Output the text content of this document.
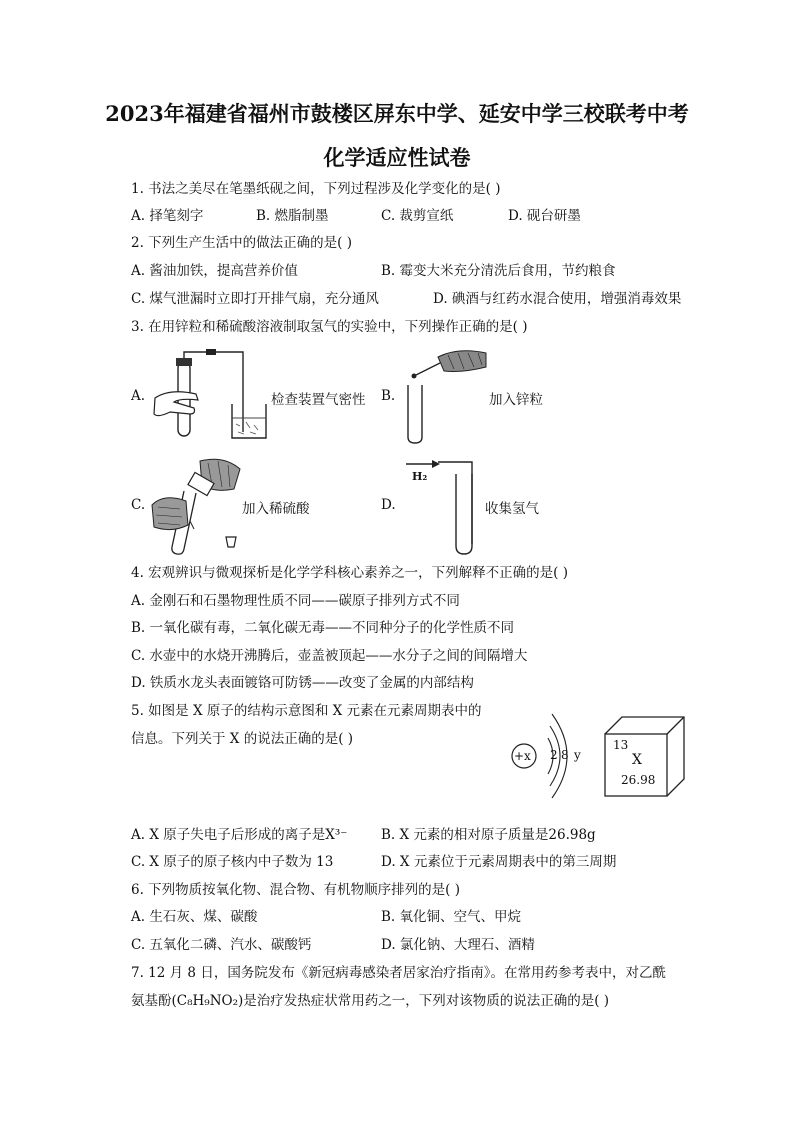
2023年福建省福州市鼓楼区屏东中学、延安中学三校联考中考
化学适应性试卷
1. 书法之美尽在笔墨纸砚之间，下列过程涉及化学变化的是( )
A. 择笔刻字	B. 燃脂制墨	C. 裁剪宣纸	D. 砚台研墨
2. 下列生产生活中的做法正确的是( )
A. 酱油加铁，提高营养价值	B. 霉变大米充分清洗后食用，节约粮食
C. 煤气泄漏时立即打开排气扇，充分通风	D. 碘酒与红药水混合使用，增强消毒效果
3. 在用锌粒和稀硫酸溶液制取氢气的实验中，下列操作正确的是( )
A.	检查装置气密性 B.	加入锌粒
C.	加入稀硫酸	D.
H₂
收集氢气
4. 宏观辨识与微观探析是化学学科核心素养之一，下列解释不正确的是( )
A. 金刚石和石墨物理性质不同——碳原子排列方式不同
B. 一氧化碳有毒，二氧化碳无毒——不同种分子的化学性质不同
C. 水壶中的水烧开沸腾后，壶盖被顶起——水分子之间的间隔增大
D. 铁质水龙头表面镀铬可防锈——改变了金属的内部结构
5. 如图是 X 原子的结构示意图和 X 元素在元素周期表中的
信息。下列关于 X 的说法正确的是( )
+x 2 8 y
13
X
26.98
A. X 原子失电子后形成的离子是X³⁻ B. X 元素的相对原子质量是26.98g
C. X 原子的原子核内中子数为 13	D. X 元素位于元素周期表中的第三周期
6. 下列物质按氧化物、混合物、有机物顺序排列的是( )
A. 生石灰、煤、碳酸	B. 氧化铜、空气、甲烷
C. 五氧化二磷、汽水、碳酸钙	D. 氯化钠、大理石、酒精
7. 12 月 8 日，国务院发布《新冠病毒感染者居家治疗指南》。在常用药参考表中，对乙酰
氨基酚(C₈H₉NO₂)是治疗发热症状常用药之一，下列对该物质的说法正确的是( )
